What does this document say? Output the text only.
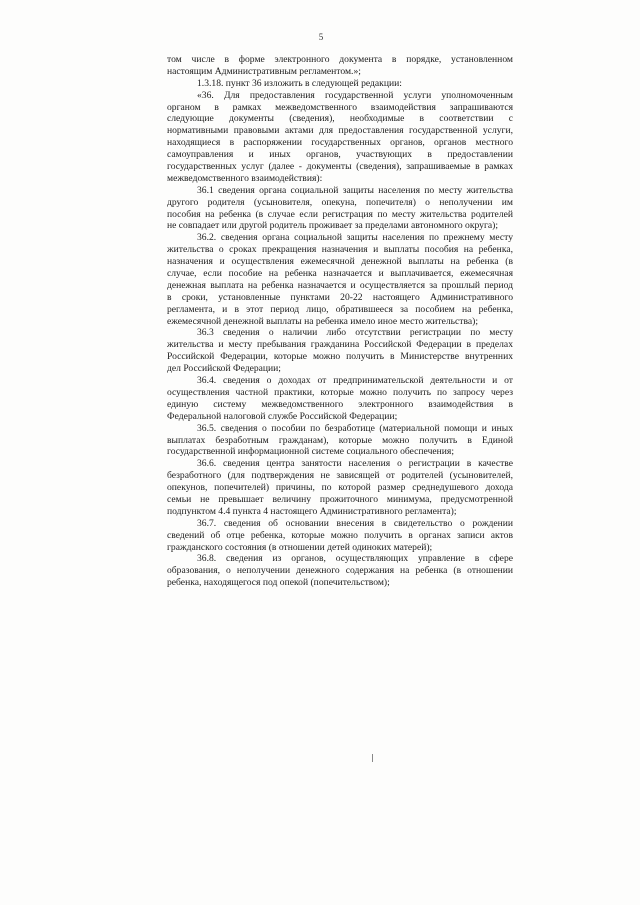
5
том числе в форме электронного документа в порядке, установленном
настоящим Административным регламентом.»;
1.3.18. пункт 36 изложить в следующей редакции:
«36. Для предоставления государственной услуги уполномоченным
органом в рамках межведомственного взаимодействия запрашиваются
следующие документы (сведения), необходимые в соответствии с
нормативными правовыми актами для предоставления государственной услуги,
находящиеся в распоряжении государственных органов, органов местного
самоуправления и иных органов, участвующих в предоставлении
государственных услуг (далее - документы (сведения), запрашиваемые в рамках
межведомственного взаимодействия):
36.1 сведения органа социальной защиты населения по месту жительства
другого родителя (усыновителя, опекуна, попечителя) о неполучении им
пособия на ребенка (в случае если регистрация по месту жительства родителей
не совпадает или другой родитель проживает за пределами автономного округа);
36.2. сведения органа социальной защиты населения по прежнему месту
жительства о сроках прекращения назначения и выплаты пособия на ребенка,
назначения и осуществления ежемесячной денежной выплаты на ребенка (в
случае, если пособие на ребенка назначается и выплачивается, ежемесячная
денежная выплата на ребенка назначается и осуществляется за прошлый период
в сроки, установленные пунктами 20-22 настоящего Административного
регламента, и в этот период лицо, обратившееся за пособием на ребенка,
ежемесячной денежной выплаты на ребенка имело иное место жительства);
36.3 сведения о наличии либо отсутствии регистрации по месту
жительства и месту пребывания гражданина Российской Федерации в пределах
Российской Федерации, которые можно получить в Министерстве внутренних
дел Российской Федерации;
36.4. сведения о доходах от предпринимательской деятельности и от
осуществления частной практики, которые можно получить по запросу через
единую систему межведомственного электронного взаимодействия в
Федеральной налоговой службе Российской Федерации;
36.5. сведения о пособии по безработице (материальной помощи и иных
выплатах безработным гражданам), которые можно получить в Единой
государственной информационной системе социального обеспечения;
36.6. сведения центра занятости населения о регистрации в качестве
безработного (для подтверждения не зависящей от родителей (усыновителей,
опекунов, попечителей) причины, по которой размер среднедушевого дохода
семьи не превышает величину прожиточного минимума, предусмотренной
подпунктом 4.4 пункта 4 настоящего Административного регламента);
36.7. сведения об основании внесения в свидетельство о рождении
сведений об отце ребенка, которые можно получить в органах записи актов
гражданского состояния (в отношении детей одиноких матерей);
36.8. сведения из органов, осуществляющих управление в сфере
образования, о неполучении денежного содержания на ребенка (в отношении
ребенка, находящегося под опекой (попечительством);
